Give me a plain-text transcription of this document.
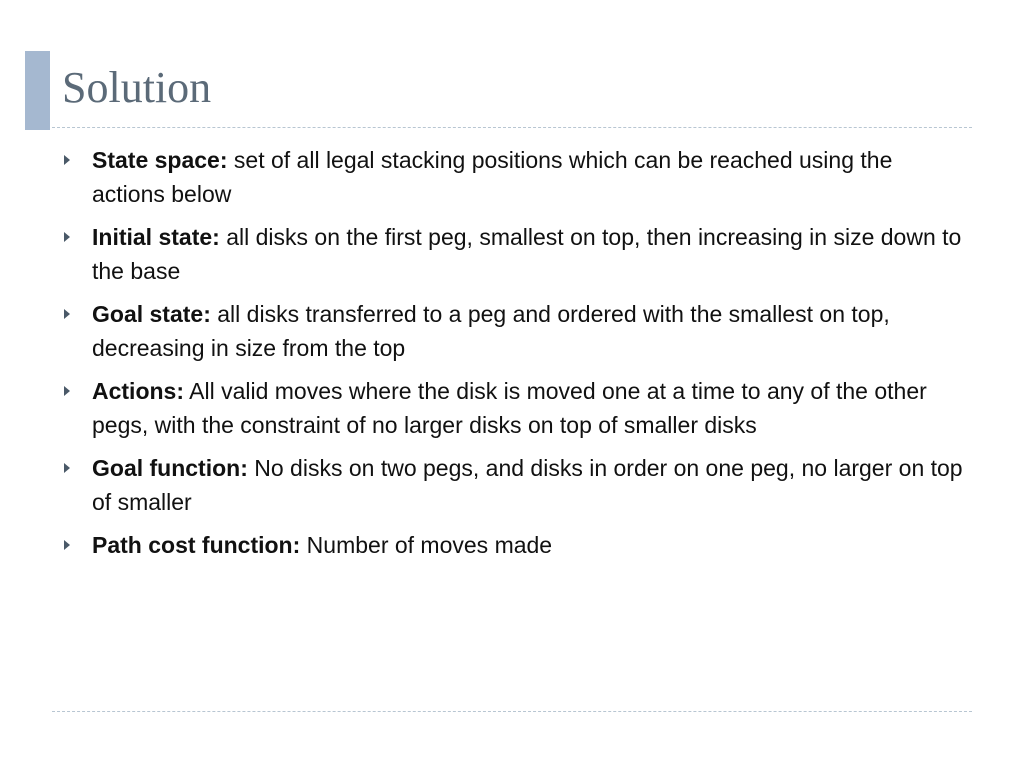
Solution
State space: set of all legal stacking positions which can be reached using the actions below
Initial state: all disks on the first peg, smallest on top, then increasing in size down to the base
Goal state: all disks transferred to a peg and ordered with the smallest on top, decreasing in size from the top
Actions: All valid moves where the disk is moved one at a time to any of the other pegs, with the constraint of no larger disks on top of smaller disks
Goal function: No disks on two pegs, and disks in order on one peg, no larger on top of smaller
Path cost function: Number of moves made
